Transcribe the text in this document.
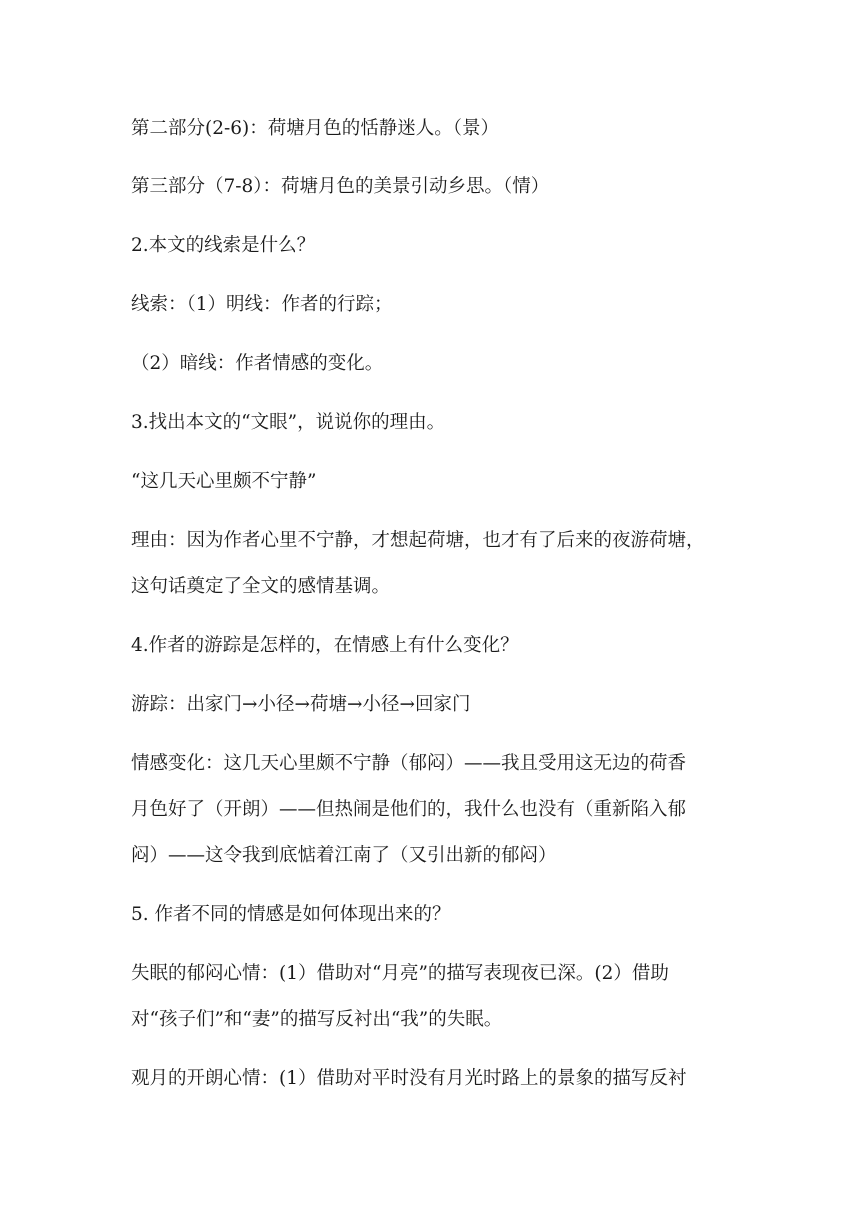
第二部分(2-6)：荷塘月色的恬静迷人。（景）
第三部分（7-8）：荷塘月色的美景引动乡思。（情）
2.本文的线索是什么？
线索：（1）明线：作者的行踪；
（2）暗线：作者情感的变化。
3.找出本文的“文眼”，说说你的理由。
“这几天心里颇不宁静”
理由：因为作者心里不宁静，才想起荷塘，也才有了后来的夜游荷塘，
这句话奠定了全文的感情基调。
4.作者的游踪是怎样的，在情感上有什么变化？
游踪：出家门→小径→荷塘→小径→回家门
情感变化：这几天心里颇不宁静（郁闷）——我且受用这无边的荷香
月色好了（开朗）——但热闹是他们的，我什么也没有（重新陷入郁
闷）——这令我到底惦着江南了（又引出新的郁闷）
5. 作者不同的情感是如何体现出来的？
失眠的郁闷心情：(1）借助对“月亮”的描写表现夜已深。(2）借助
对“孩子们”和“妻”的描写反衬出“我”的失眠。
观月的开朗心情：(1）借助对平时没有月光时路上的景象的描写反衬
